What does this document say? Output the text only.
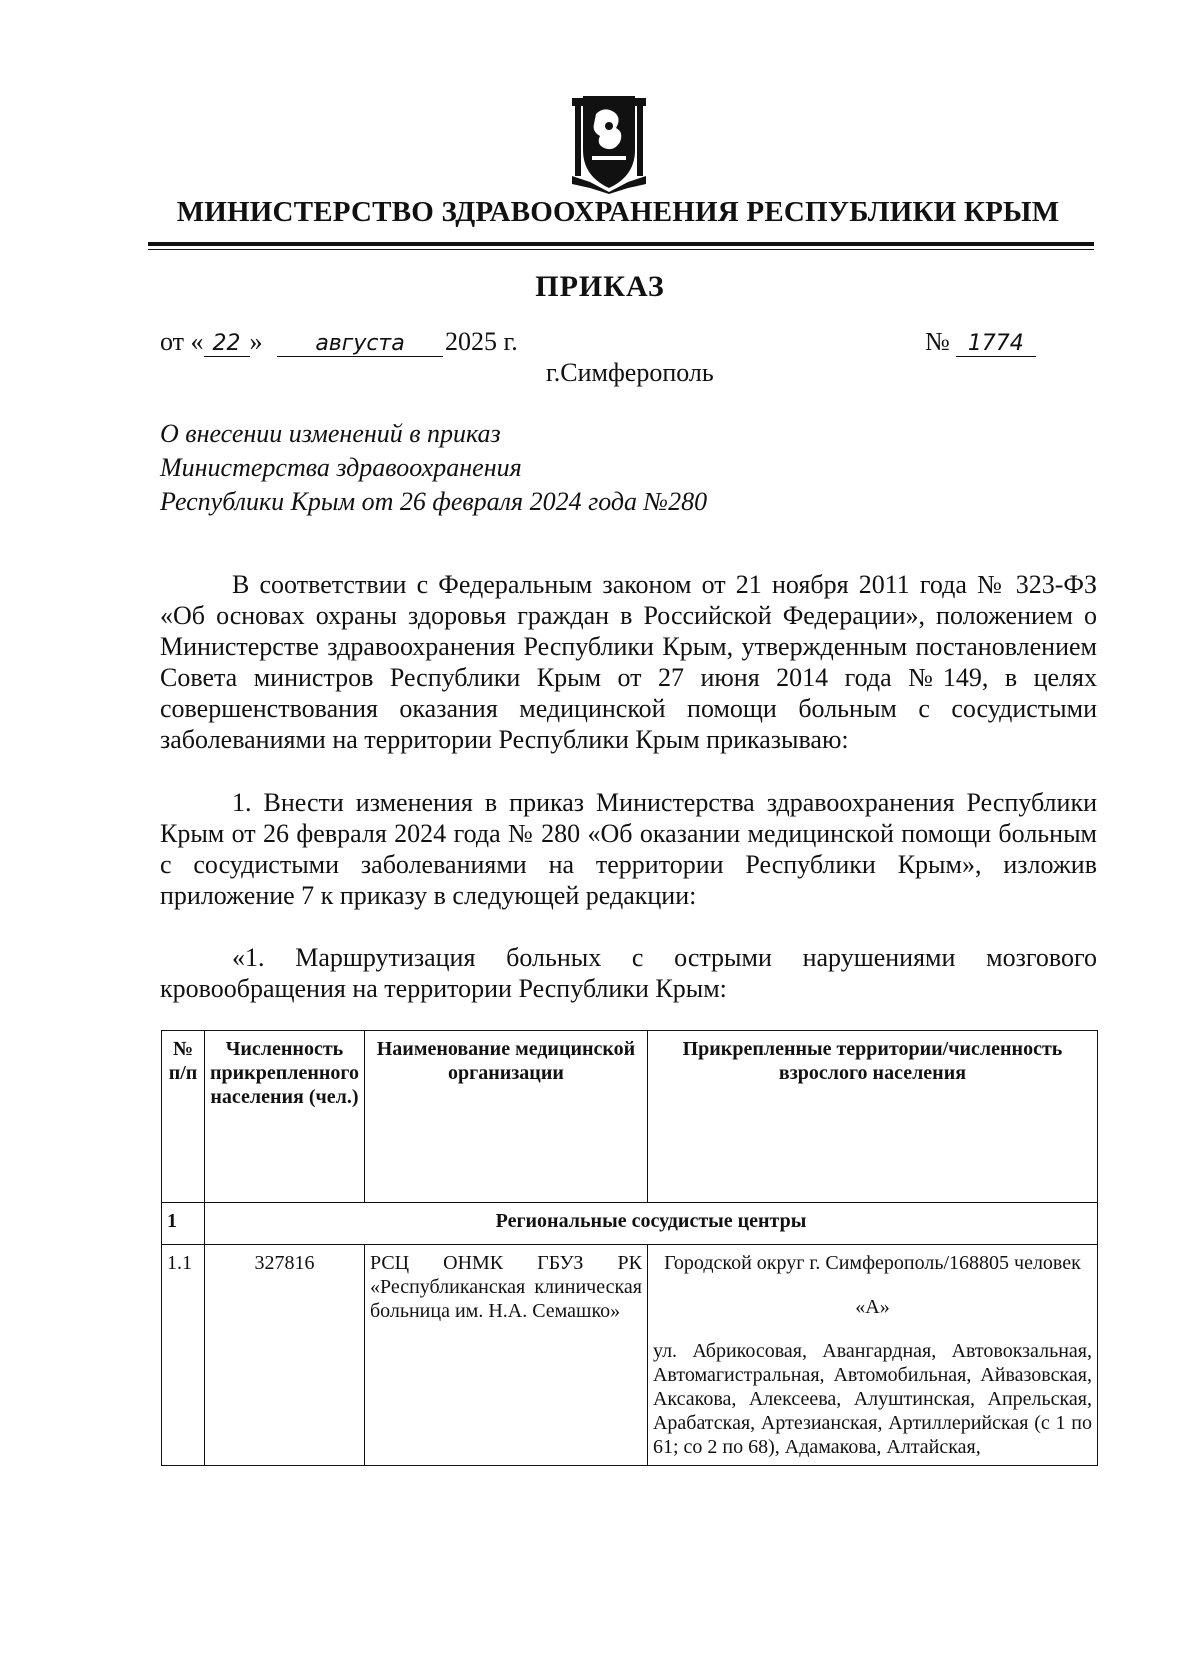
МИНИСТЕРСТВО ЗДРАВООХРАНЕНИЯ РЕСПУБЛИКИ КРЫМ
ПРИКАЗ
от « 22 » августа 2025 г.	№ 1774
г.Симферополь
О внесении изменений в приказ
Министерства здравоохранения
Республики Крым от 26 февраля 2024 года №280

В соответствии с Федеральным законом от 21 ноября 2011 года № 323-ФЗ «Об основах охраны здоровья граждан в Российской Федерации», положением о Министерстве здравоохранения Республики Крым, утвержденным постановлением Совета министров Республики Крым от 27 июня 2014 года №149, в целях совершенствования оказания медицинской помощи больным с сосудистыми заболеваниями на территории Республики Крым приказываю:

1. Внести изменения в приказ Министерства здравоохранения Республики Крым от 26 февраля 2024 года № 280 «Об оказании медицинской помощи больным с сосудистыми заболеваниями на территории Республики Крым», изложив приложение 7 к приказу в следующей редакции:

«1. Маршрутизация больных с острыми нарушениями мозгового кровообращения на территории Республики Крым:

№ п/п	Численность прикрепленного населения (чел.)	Наименование медицинской организации	Прикрепленные территории/численность взрослого населения
1	Региональные сосудистые центры		
1.1	327816	РСЦ ОНМК ГБУЗ РК «Республиканская клиническая больница им. Н.А. Семашко»	Городской округ г. Симферополь/168805 человек
«А»
ул. Абрикосовая, Авангардная, Автовокзальная, Автомагистральная, Автомобильная, Айвазовская, Аксакова, Алексеева, Алуштинская, Апрельская, Арабатская, Артезианская, Артиллерийская (с 1 по 61; со 2 по 68), Адамакова, Алтайская,
